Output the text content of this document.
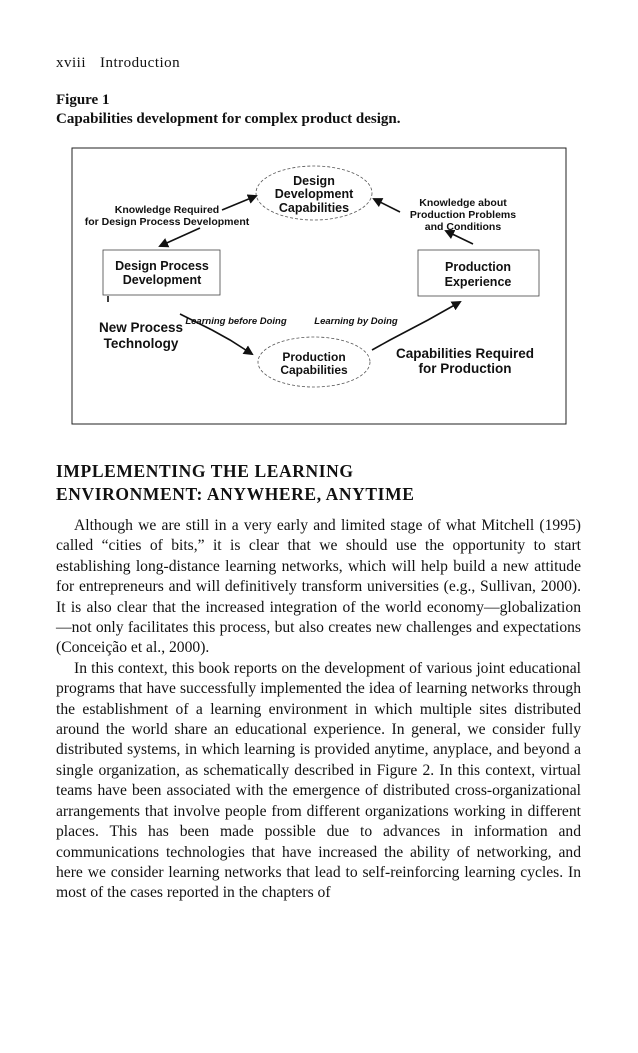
xviii Introduction
Figure 1
Capabilities development for complex product design.
Design
Development
Capabilities
Design Process
Development
Production
Experience
Production
Capabilities
New Process
Technology
Capabilities Required
for Production
Knowledge Required
for Design Process Development
Knowledge about
Production Problems
and Conditions
Learning before Doing	Learning by Doing
IMPLEMENTING THE LEARNING
ENVIRONMENT: ANYWHERE, ANYTIME

Although we are still in a very early and limited stage of what Mitchell (1995) called “cities of bits,” it is clear that we should use the opportunity to start establishing long-distance learning networks, which will help build a new attitude for entrepreneurs and will definitively transform universities (e.g., Sullivan, 2000). It is also clear that the increased integration of the world economy—globalization—not only facilitates this process, but also creates new challenges and expectations (Conceição et al., 2000).

In this context, this book reports on the development of various joint educational programs that have successfully implemented the idea of learning networks through the establishment of a learning environment in which multiple sites distributed around the world share an educational experience. In general, we consider fully distributed systems, in which learning is provided anytime, anyplace, and beyond a single organization, as schematically described in Figure 2. In this context, virtual teams have been associated with the emergence of distributed cross-organizational arrangements that involve people from different organizations working in different places. This has been made possible due to advances in information and communications technologies that have increased the ability of networking, and here we consider learning networks that lead to self-reinforcing learning cycles. In most of the cases reported in the chapters of
